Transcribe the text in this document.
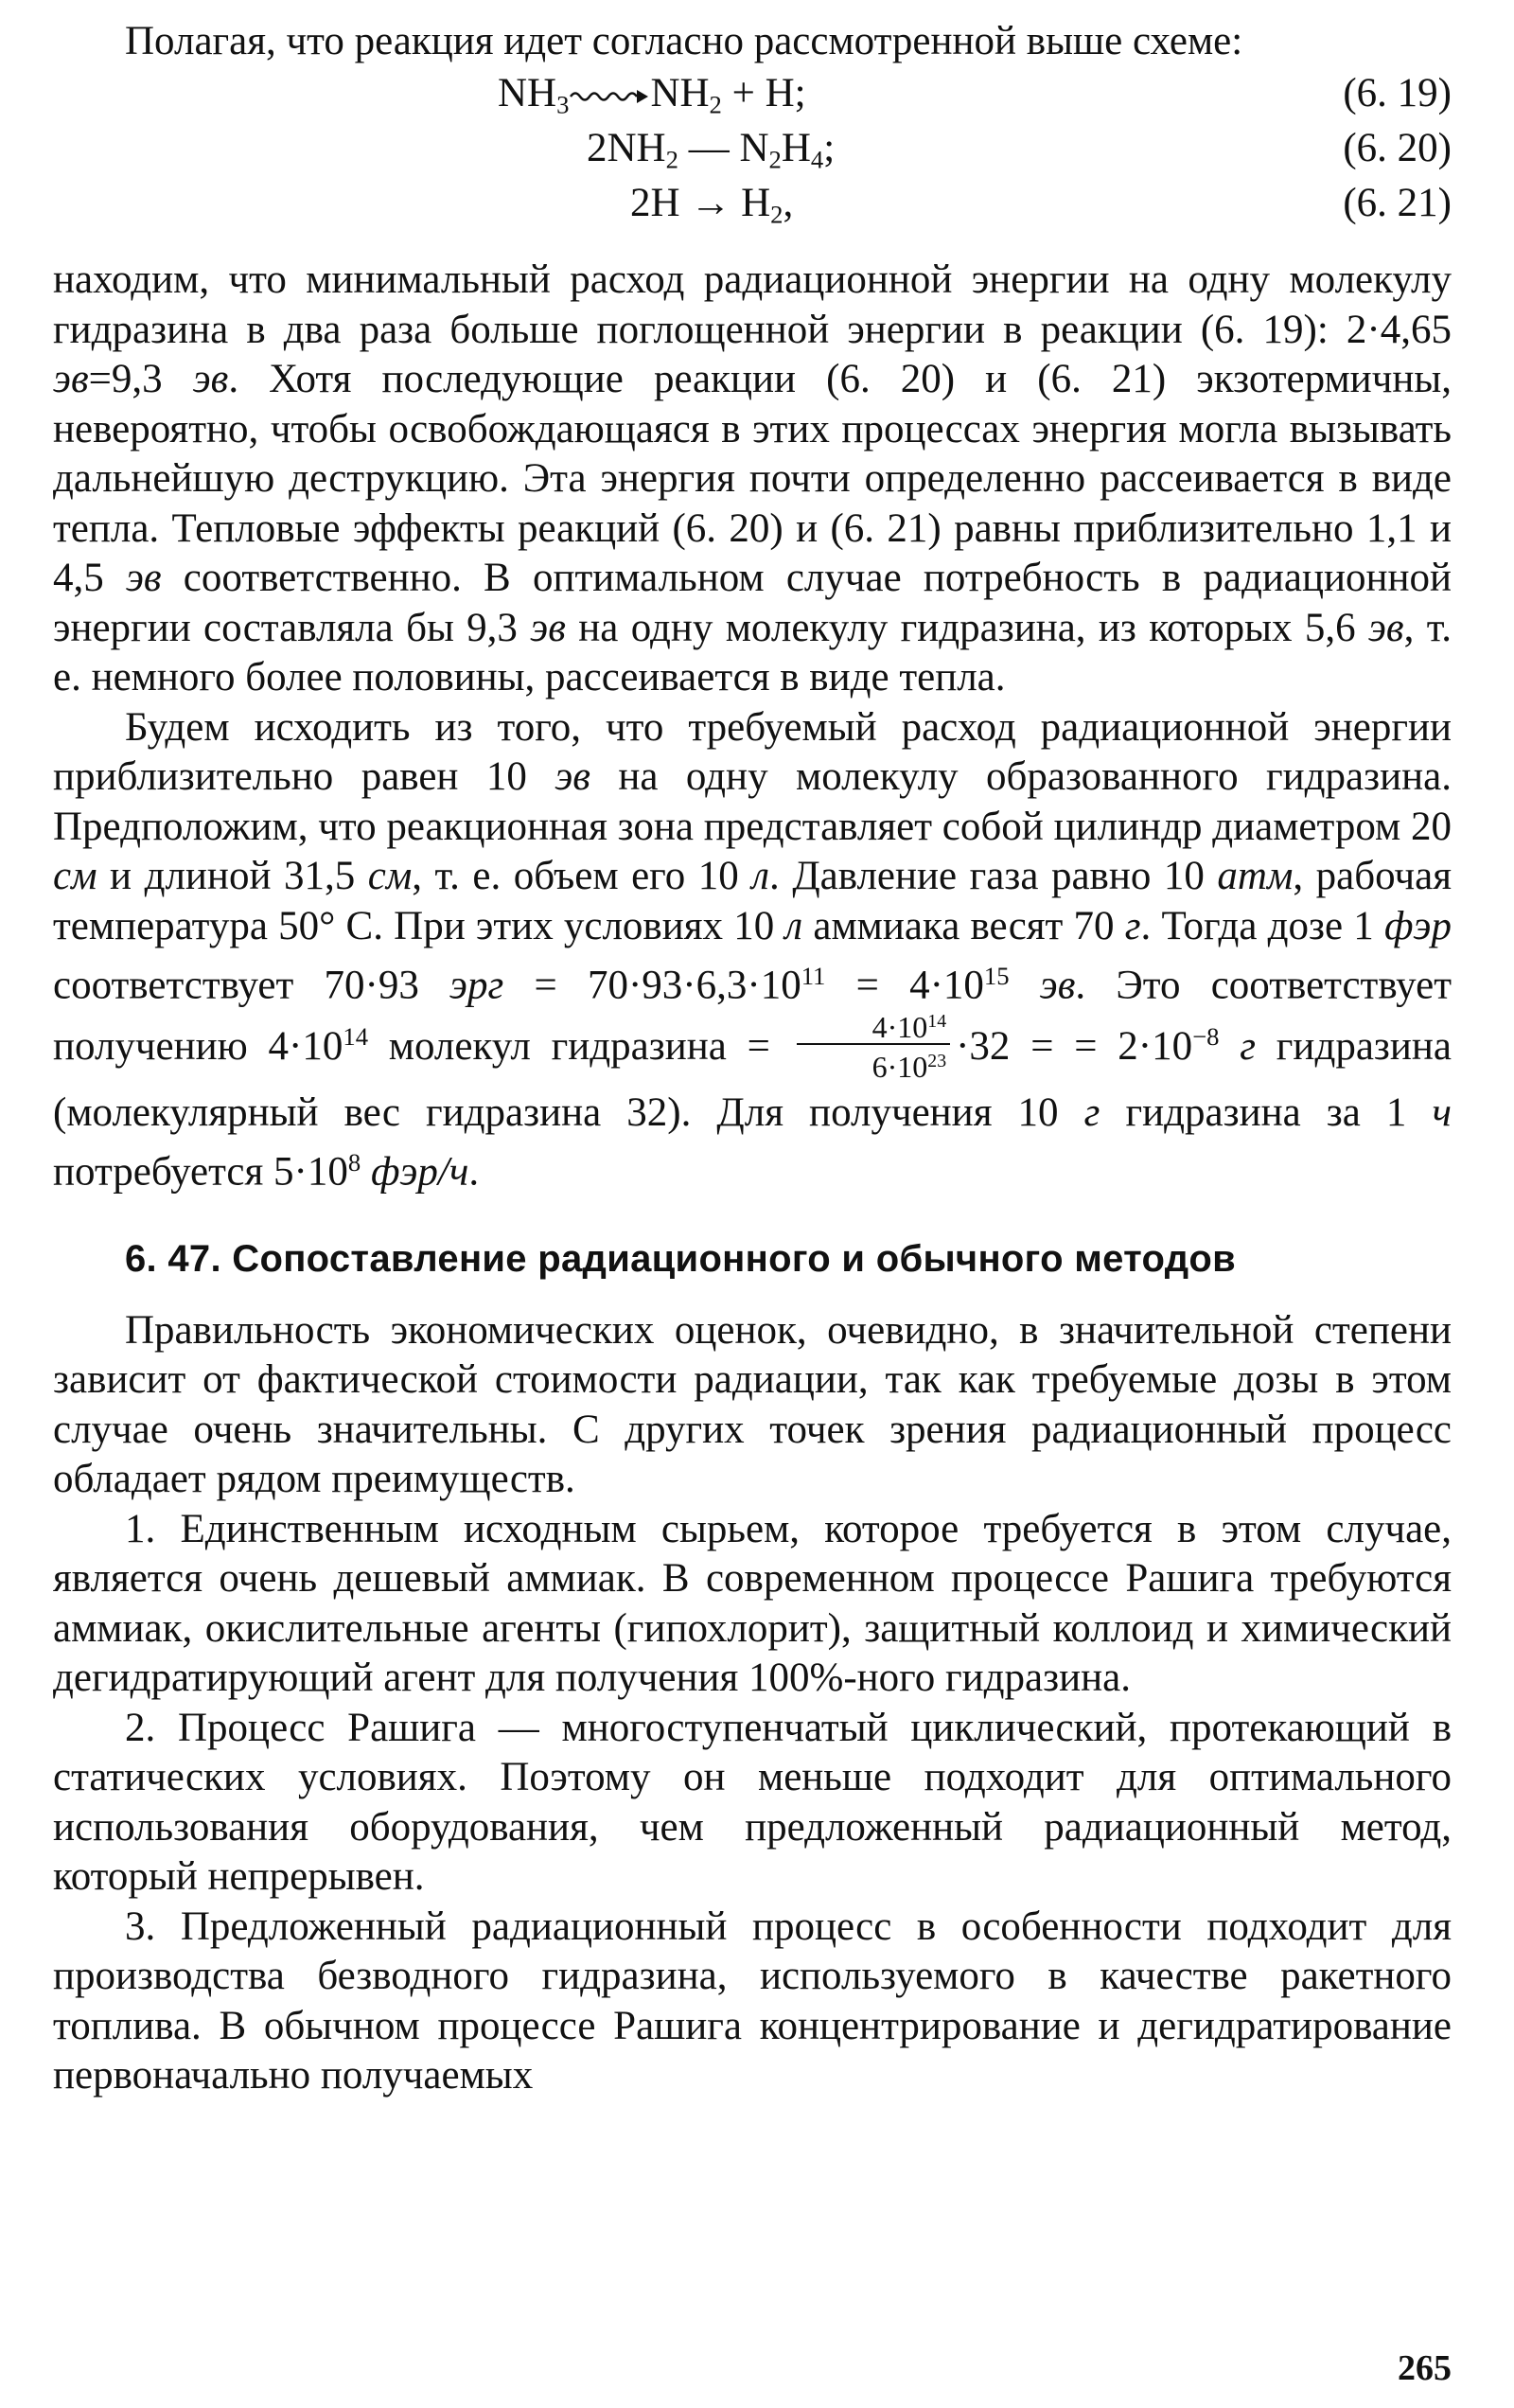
Полагая, что реакция идет согласно рассмотренной выше схеме:

$NH_3$ $NH_2 + H$;	(6. 19)
$2NH_2$ — $N_2H_4$;	(6. 20)
$2H \to H_2$,	(6. 21)

находим, что минимальный расход радиационной энергии на одну молекулу гидразина в два раза больше поглощенной энергии в реакции (6. 19): 2·4,65 эв=9,3 эв. Хотя последующие реакции (6. 20) и (6. 21) экзотермичны, невероятно, чтобы освобождающаяся в этих процессах энергия могла вызывать дальнейшую деструкцию. Эта энергия почти определенно рассеивается в виде тепла. Тепловые эффекты реакций (6. 20) и (6. 21) равны приблизительно 1,1 и 4,5 эв соответственно. В оптимальном случае потребность в радиационной энергии составляла бы 9,3 эв на одну молекулу гидразина, из которых 5,6 эв, т. е. немного более половины, рассеивается в виде тепла.

Будем исходить из того, что требуемый расход радиационной энергии приблизительно равен 10 эв на одну молекулу образованного гидразина. Предположим, что реакционная зона представляет собой цилиндр диаметром 20 см и длиной 31,5 см, т. е. объем его 10 л. Давление газа равно 10 атм, рабочая температура 50° С. При этих условиях 10 л аммиака весят 70 г. Тогда дозе 1 фэр соответствует 70·93 эрг = $70\cdot 93\cdot 6,3\cdot 10^{11} = 4\cdot 10^{15}$ эв. Это соответствует получению $4\cdot 10^{14}$ молекул гидразина = $\frac{4\cdot 10^{14}}{6\cdot 10^{23}} \cdot 32$ = = $2\cdot 10^{-8}$ г гидразина (молекулярный вес гидразина 32). Для получения 10 г гидразина за 1 ч потребуется $5\cdot 10^8$ фэр/ч.

6. 47. Сопоставление радиационного и обычного методов

Правильность экономических оценок, очевидно, в значительной степени зависит от фактической стоимости радиации, так как требуемые дозы в этом случае очень значительны. С других точек зрения радиационный процесс обладает рядом преимуществ.

1. Единственным исходным сырьем, которое требуется в этом случае, является очень дешевый аммиак. В современном процессе Рашига требуются аммиак, окислительные агенты (гипохлорит), защитный коллоид и химический дегидратирующий агент для получения 100%-ного гидразина.

2. Процесс Рашига — многоступенчатый циклический, протекающий в статических условиях. Поэтому он меньше подходит для оптимального использования оборудования, чем предложенный радиационный метод, который непрерывен.

3. Предложенный радиационный процесс в особенности подходит для производства безводного гидразина, используемого в качестве ракетного топлива. В обычном процессе Рашига концентрирование и дегидратирование первоначально получаемых

265
